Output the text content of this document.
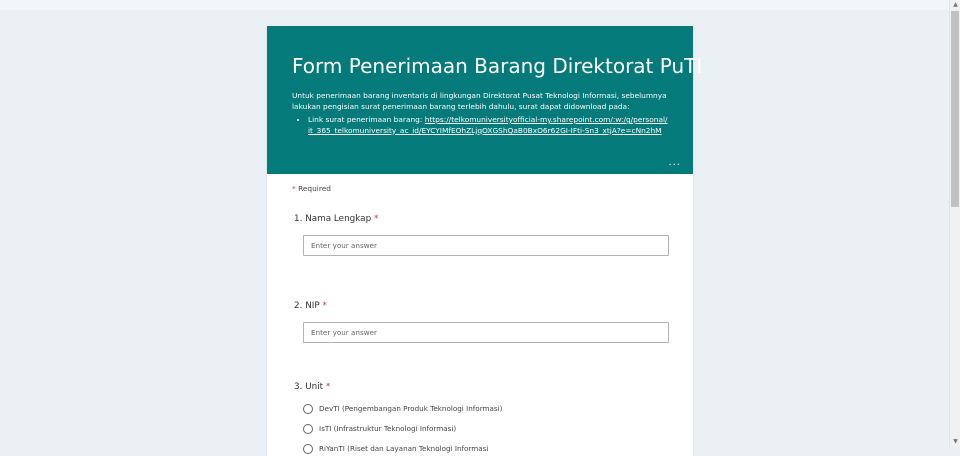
Form Penerimaan Barang Direktorat PuTI

Untuk penerimaan barang inventaris di lingkungan Direktorat Pusat Teknologi Informasi, sebelumnya lakukan pengisian surat penerimaan barang terlebih dahulu, surat dapat didownload pada:

• Link surat penerimaan barang: https://telkomuniversityofficial-my.sharepoint.com/:w:/g/personal/it_365_telkomuniversity_ac_id/EYCYIMfEOhZLjqOXGShQaB0BxO6r62GI-IFti-Sn3_xtjA?e=cNn2hM
...
* Required
1. Nama Lengkap *
Enter your answer
2. NIP *
Enter your answer
3. Unit *
DevTI (Pengembangan Produk Teknologi Informasi)
IsTI (Infrastruktur Teknologi Informasi)
RiYanTI (Riset dan Layanan Teknologi Informasi
▲
▼
